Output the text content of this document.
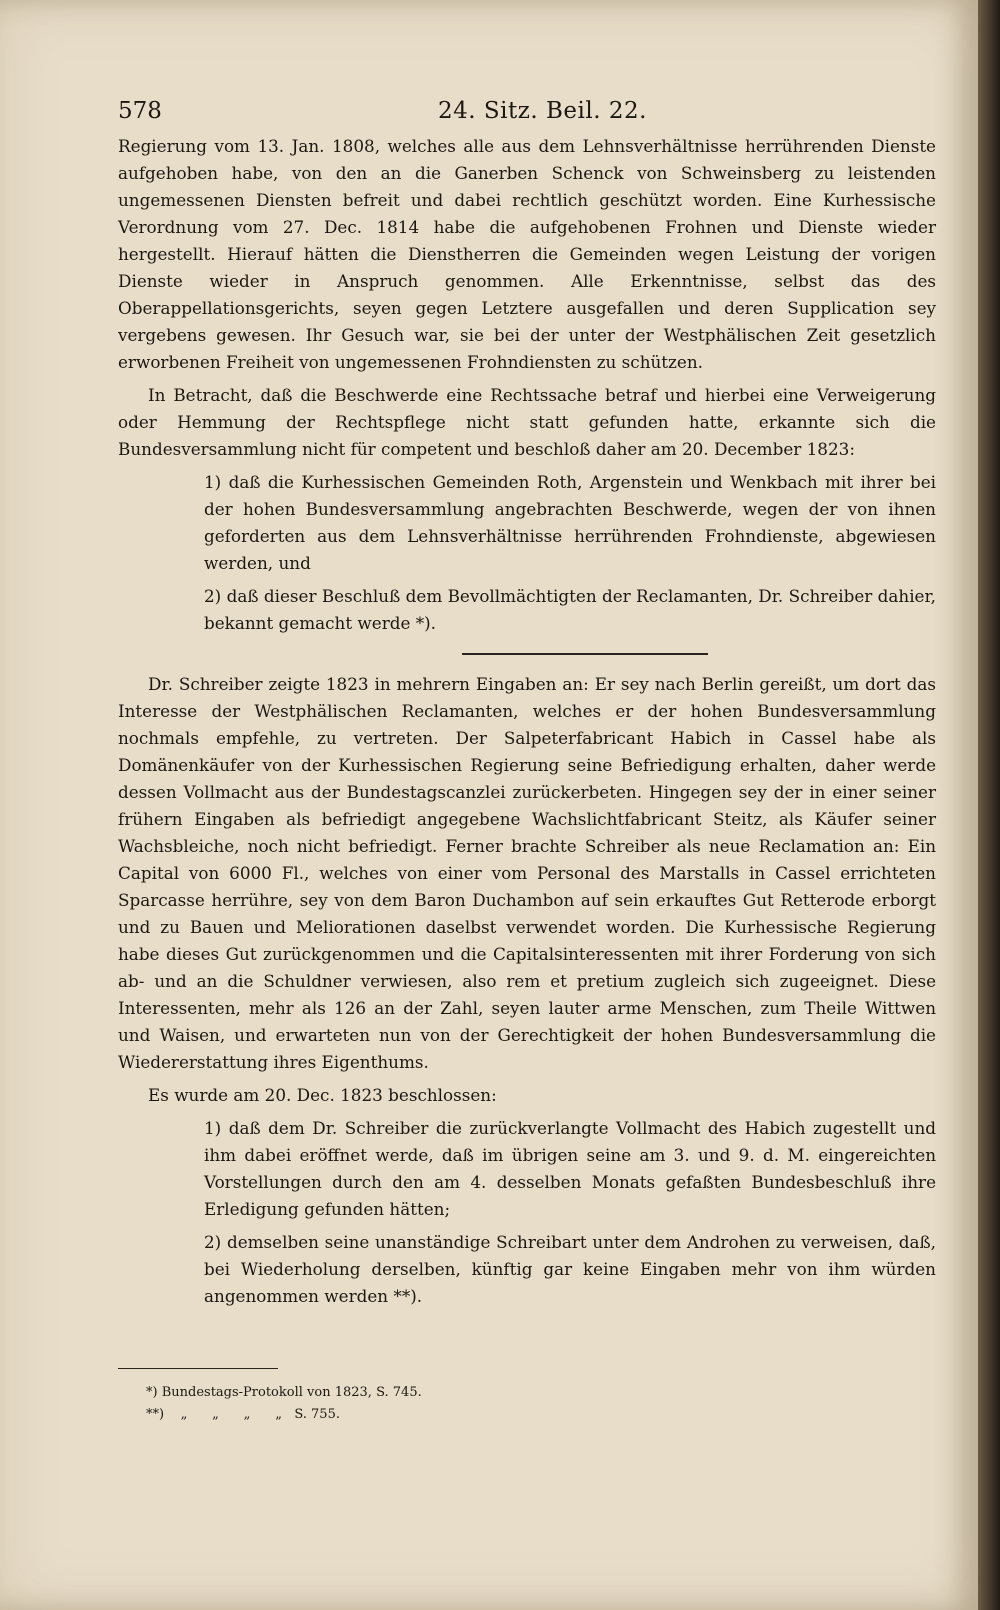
578	24. Sitz. Beil. 22.

Regierung vom 13. Jan. 1808, welches alle aus dem Lehnsverhältnisse herrührenden Dienste aufgehoben habe, von den an die Ganerben Schenck von Schweinsberg zu leistenden ungemessenen Diensten befreit und dabei rechtlich geschützt worden. Eine Kurhessische Verordnung vom 27. Dec. 1814 habe die aufgehobenen Frohnen und Dienste wieder hergestellt. Hierauf hätten die Dienstherren die Gemeinden wegen Leistung der vorigen Dienste wieder in Anspruch genommen. Alle Erkenntnisse, selbst das des Oberappellationsgerichts, seyen gegen Letztere ausgefallen und deren Supplication sey vergebens gewesen. Ihr Gesuch war, sie bei der unter der Westphälischen Zeit gesetzlich erworbenen Freiheit von ungemessenen Frohndiensten zu schützen.

In Betracht, daß die Beschwerde eine Rechtssache betraf und hierbei eine Verweigerung oder Hemmung der Rechtspflege nicht statt gefunden hatte, erkannte sich die Bundesversammlung nicht für competent und beschloß daher am 20. December 1823:

1) daß die Kurhessischen Gemeinden Roth, Argenstein und Wenkbach mit ihrer bei der hohen Bundesversammlung angebrachten Beschwerde, wegen der von ihnen geforderten aus dem Lehnsverhältnisse herrührenden Frohndienste, abgewiesen werden, und

2) daß dieser Beschluß dem Bevollmächtigten der Reclamanten, Dr. Schreiber dahier, bekannt gemacht werde *).

Dr. Schreiber zeigte 1823 in mehrern Eingaben an: Er sey nach Berlin gereißt, um dort das Interesse der Westphälischen Reclamanten, welches er der hohen Bundesversammlung nochmals empfehle, zu vertreten. Der Salpeterfabricant Habich in Cassel habe als Domänenkäufer von der Kurhessischen Regierung seine Befriedigung erhalten, daher werde dessen Vollmacht aus der Bundestagscanzlei zurückerbeten. Hingegen sey der in einer seiner frühern Eingaben als befriedigt angegebene Wachslichtfabricant Steitz, als Käufer seiner Wachsbleiche, noch nicht befriedigt. Ferner brachte Schreiber als neue Reclamation an: Ein Capital von 6000 Fl., welches von einer vom Personal des Marstalls in Cassel errichteten Sparcasse herrühre, sey von dem Baron Duchambon auf sein erkauftes Gut Retterode erborgt und zu Bauen und Meliorationen daselbst verwendet worden. Die Kurhessische Regierung habe dieses Gut zurückgenommen und die Capitalsinteressenten mit ihrer Forderung von sich ab- und an die Schuldner verwiesen, also rem et pretium zugleich sich zugeeignet. Diese Interessenten, mehr als 126 an der Zahl, seyen lauter arme Menschen, zum Theile Wittwen und Waisen, und erwarteten nun von der Gerechtigkeit der hohen Bundesversammlung die Wiedererstattung ihres Eigenthums.

Es wurde am 20. Dec. 1823 beschlossen:

1) daß dem Dr. Schreiber die zurückverlangte Vollmacht des Habich zugestellt und ihm dabei eröffnet werde, daß im übrigen seine am 3. und 9. d. M. eingereichten Vorstellungen durch den am 4. desselben Monats gefaßten Bundesbeschluß ihre Erledigung gefunden hätten;

2) demselben seine unanständige Schreibart unter dem Androhen zu verweisen, daß, bei Wiederholung derselben, künftig gar keine Eingaben mehr von ihm würden angenommen werden **).

*) Bundestags-Protokoll von 1823, S. 745.

**)    „      „      „      „   S. 755.
